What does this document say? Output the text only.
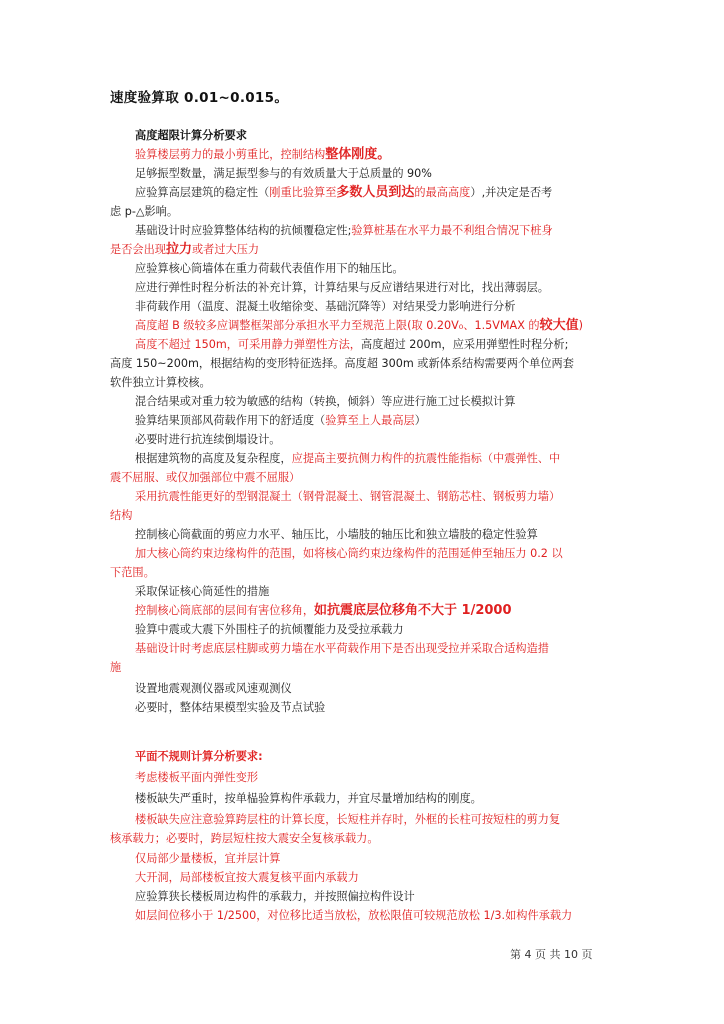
速度验算取 0.01~0.015。
高度超限计算分析要求
验算楼层剪力的最小剪重比，控制结构整体刚度。
足够振型数量，满足振型参与的有效质量大于总质量的 90%
应验算高层建筑的稳定性（刚重比验算至多数人员到达的最高高度）,并决定是否考
虑 p-△影响。
基础设计时应验算整体结构的抗倾覆稳定性;验算桩基在水平力最不利组合情况下桩身
是否会出现拉力或者过大压力
应验算核心筒墙体在重力荷载代表值作用下的轴压比。
应进行弹性时程分析法的补充计算，计算结果与反应谱结果进行对比，找出薄弱层。
非荷载作用（温度、混凝土收缩徐变、基础沉降等）对结果受力影响进行分析
高度超 B 级较多应调整框架部分承担水平力至规范上限(取 0.20V₀、1.5VMAX 的较大值)
高度不超过 150m，可采用静力弹塑性方法，高度超过 200m，应采用弹塑性时程分析;
高度 150~200m，根据结构的变形特征选择。高度超 300m 或新体系结构需要两个单位两套
软件独立计算校核。
混合结果或对重力较为敏感的结构（转换，倾斜）等应进行施工过长模拟计算
验算结果顶部风荷载作用下的舒适度（验算至上人最高层）
必要时进行抗连续倒塌设计。
根据建筑物的高度及复杂程度，应提高主要抗侧力构件的抗震性能指标（中震弹性、中
震不屈服、或仅加强部位中震不屈服）
采用抗震性能更好的型钢混凝土（钢骨混凝土、钢管混凝土、钢筋芯柱、钢板剪力墙）
结构
控制核心筒截面的剪应力水平、轴压比，小墙肢的轴压比和独立墙肢的稳定性验算
加大核心筒约束边缘构件的范围，如将核心筒约束边缘构件的范围延伸至轴压力 0.2 以
下范围。
采取保证核心筒延性的措施
控制核心筒底部的层间有害位移角，如抗震底层位移角不大于 1/2000
验算中震或大震下外围柱子的抗倾覆能力及受拉承载力
基础设计时考虑底层柱脚或剪力墙在水平荷载作用下是否出现受拉并采取合适构造措
施
设置地震观测仪器或风速观测仪
必要时，整体结果模型实验及节点试验
平面不规则计算分析要求:
考虑楼板平面内弹性变形
楼板缺失严重时，按单榀验算构件承载力，并宜尽量增加结构的刚度。
楼板缺失应注意验算跨层柱的计算长度，长短柱并存时，外框的长柱可按短柱的剪力复
核承载力；必要时，跨层短柱按大震安全复核承载力。
仅局部少量楼板，宜并层计算
大开洞，局部楼板宜按大震复核平面内承载力
应验算狭长楼板周边构件的承载力，并按照偏拉构件设计
如层间位移小于 1/2500，对位移比适当放松，放松限值可较规范放松 1/3.如构件承载力
第 4 页 共 10 页
